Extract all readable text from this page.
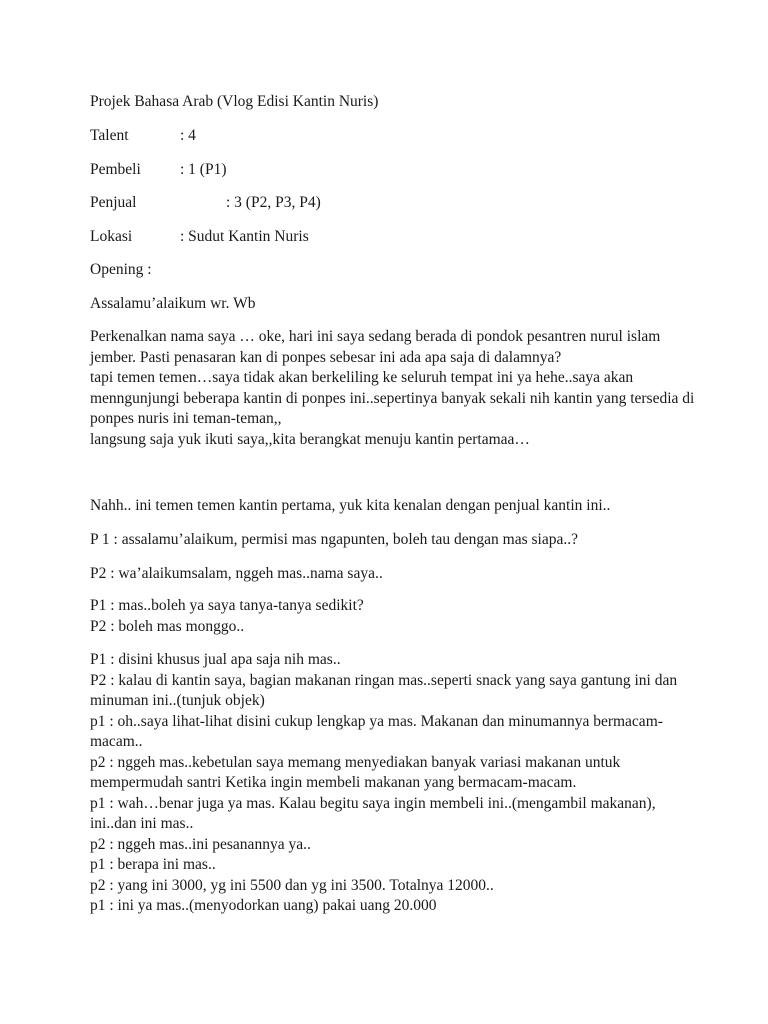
Projek Bahasa Arab (Vlog Edisi Kantin Nuris)
Talent	: 4
Pembeli	: 1 (P1)
Penjual	: 3 (P2, P3, P4)
Lokasi	: Sudut Kantin Nuris
Opening :
Assalamu’alaikum wr. Wb
Perkenalkan nama saya … oke, hari ini saya sedang berada di pondok pesantren nurul islam
jember. Pasti penasaran kan di ponpes sebesar ini ada apa saja di dalamnya?
tapi temen temen…saya tidak akan berkeliling ke seluruh tempat ini ya hehe..saya akan
menngunjungi beberapa kantin di ponpes ini..sepertinya banyak sekali nih kantin yang tersedia di
ponpes nuris ini teman-teman,,
langsung saja yuk ikuti saya,,kita berangkat menuju kantin pertamaa…
Nahh.. ini temen temen kantin pertama, yuk kita kenalan dengan penjual kantin ini..
P 1 : assalamu’alaikum, permisi mas ngapunten, boleh tau dengan mas siapa..?
P2 : wa’alaikumsalam, nggeh mas..nama saya..
P1 : mas..boleh ya saya tanya-tanya sedikit?
P2 : boleh mas monggo..
P1 : disini khusus jual apa saja nih mas..
P2 : kalau di kantin saya, bagian makanan ringan mas..seperti snack yang saya gantung ini dan
minuman ini..(tunjuk objek)
p1 : oh..saya lihat-lihat disini cukup lengkap ya mas. Makanan dan minumannya bermacam-
macam..
p2 : nggeh mas..kebetulan saya memang menyediakan banyak variasi makanan untuk
mempermudah santri Ketika ingin membeli makanan yang bermacam-macam.
p1 : wah…benar juga ya mas. Kalau begitu saya ingin membeli ini..(mengambil makanan),
ini..dan ini mas..
p2 : nggeh mas..ini pesanannya ya..
p1 : berapa ini mas..
p2 : yang ini 3000, yg ini 5500 dan yg ini 3500. Totalnya 12000..
p1 : ini ya mas..(menyodorkan uang) pakai uang 20.000
